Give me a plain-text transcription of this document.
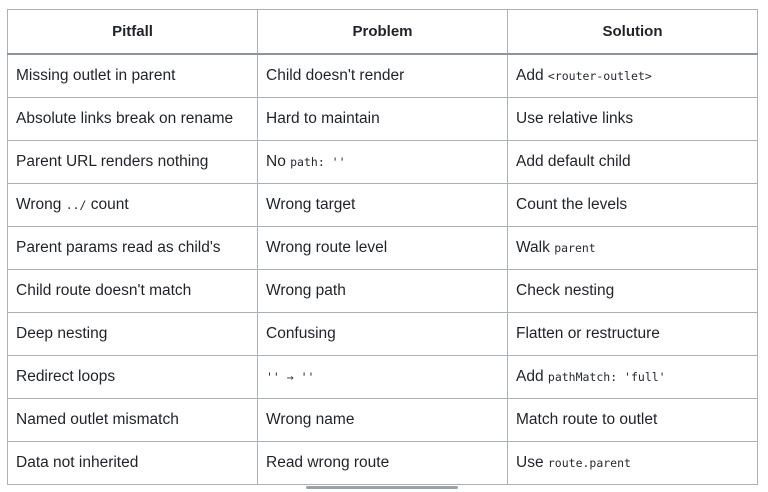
Pitfall	Problem	Solution
Missing outlet in parent	Child doesn't render	Add <router-outlet>
Absolute links break on rename	Hard to maintain	Use relative links
Parent URL renders nothing	No path: ''	Add default child
Wrong ../ count	Wrong target	Count the levels
Parent params read as child's	Wrong route level	Walk parent
Child route doesn't match	Wrong path	Check nesting
Deep nesting	Confusing	Flatten or restructure
Redirect loops	'' → ''	Add pathMatch: 'full'
Named outlet mismatch	Wrong name	Match route to outlet
Data not inherited	Read wrong route	Use route.parent
